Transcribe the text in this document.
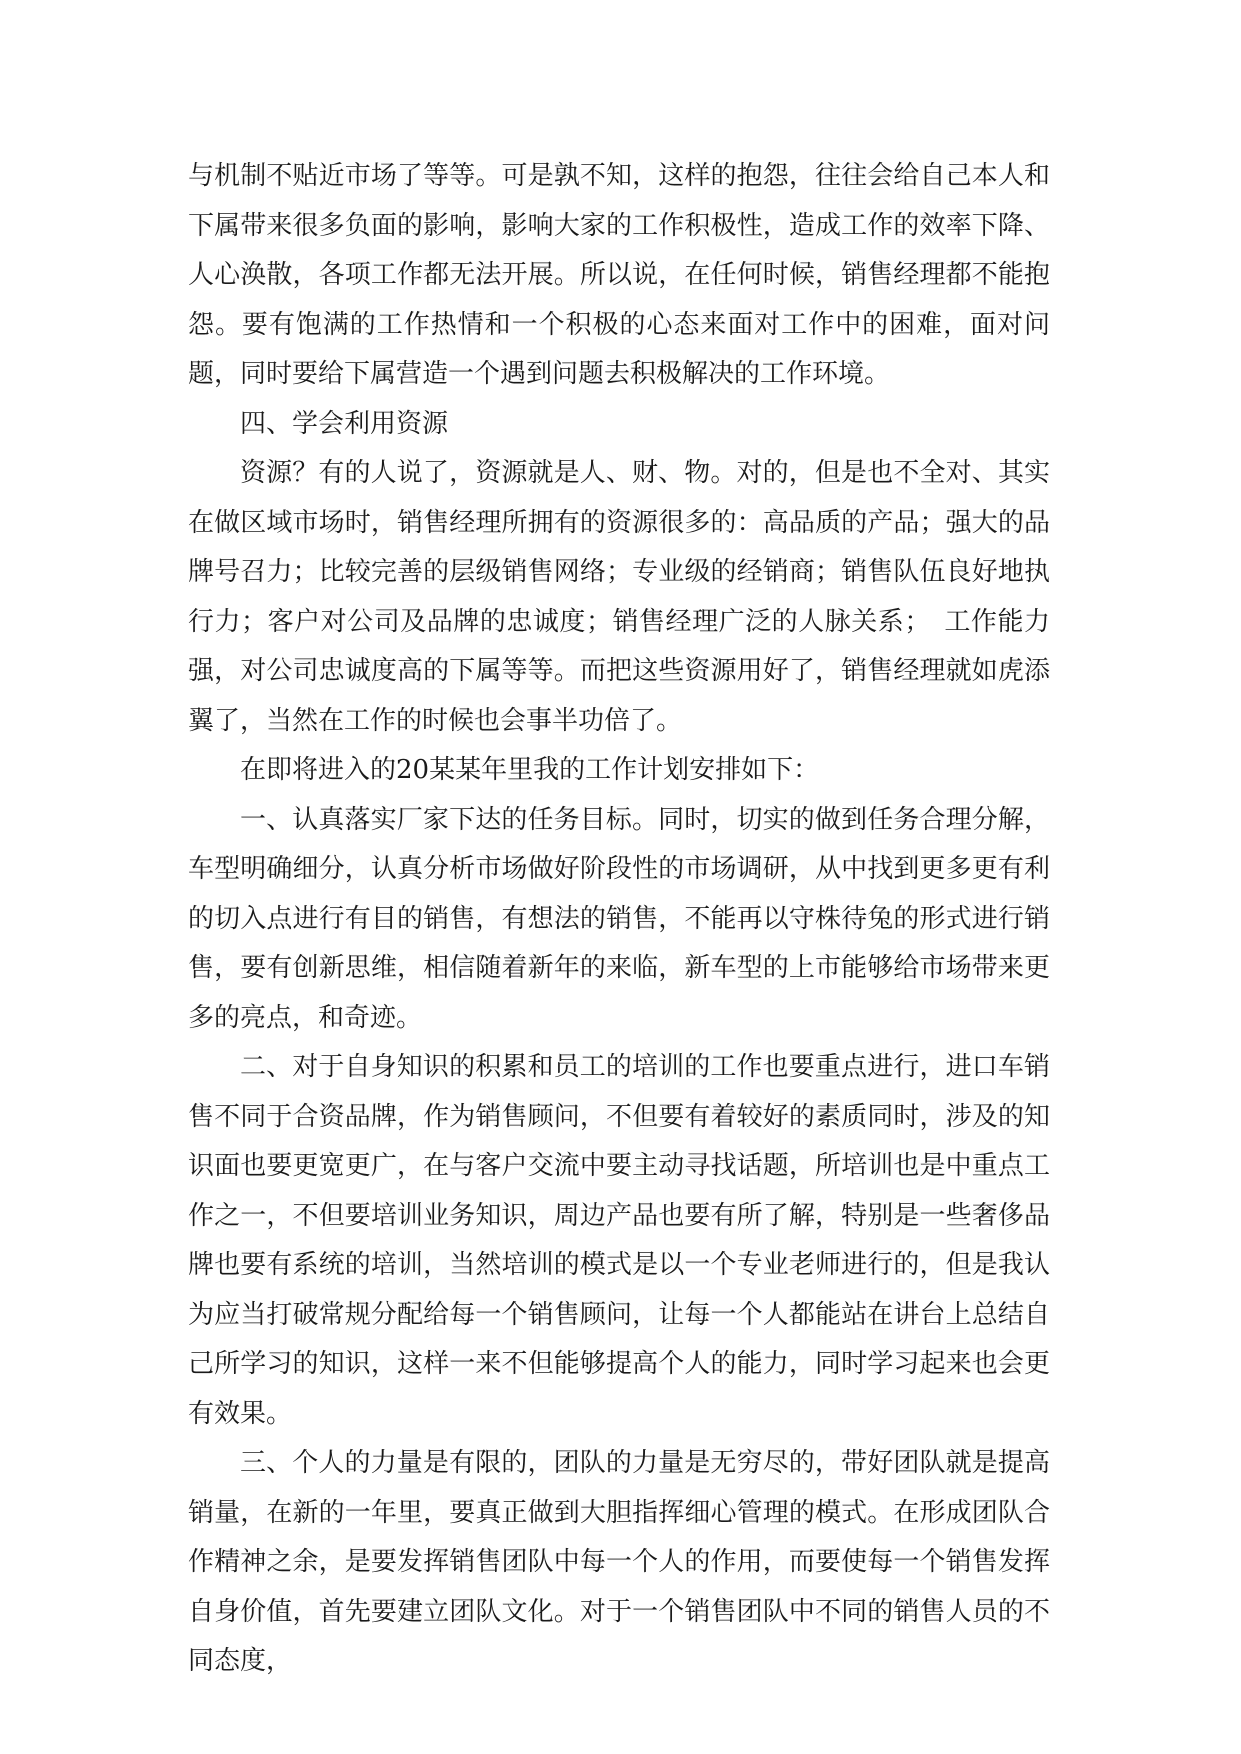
与机制不贴近市场了等等。可是孰不知，这样的抱怨，往往会给自己本人和下属带来很多负面的影响，影响大家的工作积极性，造成工作的效率下降、人心涣散，各项工作都无法开展。所以说，在任何时候，销售经理都不能抱怨。要有饱满的工作热情和一个积极的心态来面对工作中的困难，面对问题，同时要给下属营造一个遇到问题去积极解决的工作环境。

四、学会利用资源

资源？有的人说了，资源就是人、财、物。对的，但是也不全对、其实在做区域市场时，销售经理所拥有的资源很多的：高品质的产品；强大的品牌号召力；比较完善的层级销售网络；专业级的经销商；销售队伍良好地执行力；客户对公司及品牌的忠诚度；销售经理广泛的人脉关系；　工作能力强，对公司忠诚度高的下属等等。而把这些资源用好了，销售经理就如虎添翼了，当然在工作的时候也会事半功倍了。

在即将进入的20某某年里我的工作计划安排如下：

一、认真落实厂家下达的任务目标。同时，切实的做到任务合理分解，车型明确细分，认真分析市场做好阶段性的市场调研，从中找到更多更有利的切入点进行有目的销售，有想法的销售，不能再以守株待兔的形式进行销售，要有创新思维，相信随着新年的来临，新车型的上市能够给市场带来更多的亮点，和奇迹。

二、对于自身知识的积累和员工的培训的工作也要重点进行，进口车销售不同于合资品牌，作为销售顾问，不但要有着较好的素质同时，涉及的知识面也要更宽更广，在与客户交流中要主动寻找话题，所培训也是中重点工作之一，不但要培训业务知识，周边产品也要有所了解，特别是一些奢侈品牌也要有系统的培训，当然培训的模式是以一个专业老师进行的，但是我认为应当打破常规分配给每一个销售顾问，让每一个人都能站在讲台上总结自己所学习的知识，这样一来不但能够提高个人的能力，同时学习起来也会更有效果。

三、个人的力量是有限的，团队的力量是无穷尽的，带好团队就是提高销量，在新的一年里，要真正做到大胆指挥细心管理的模式。在形成团队合作精神之余，是要发挥销售团队中每一个人的作用，而要使每一个销售发挥自身价值，首先要建立团队文化。对于一个销售团队中不同的销售人员的不同态度，
